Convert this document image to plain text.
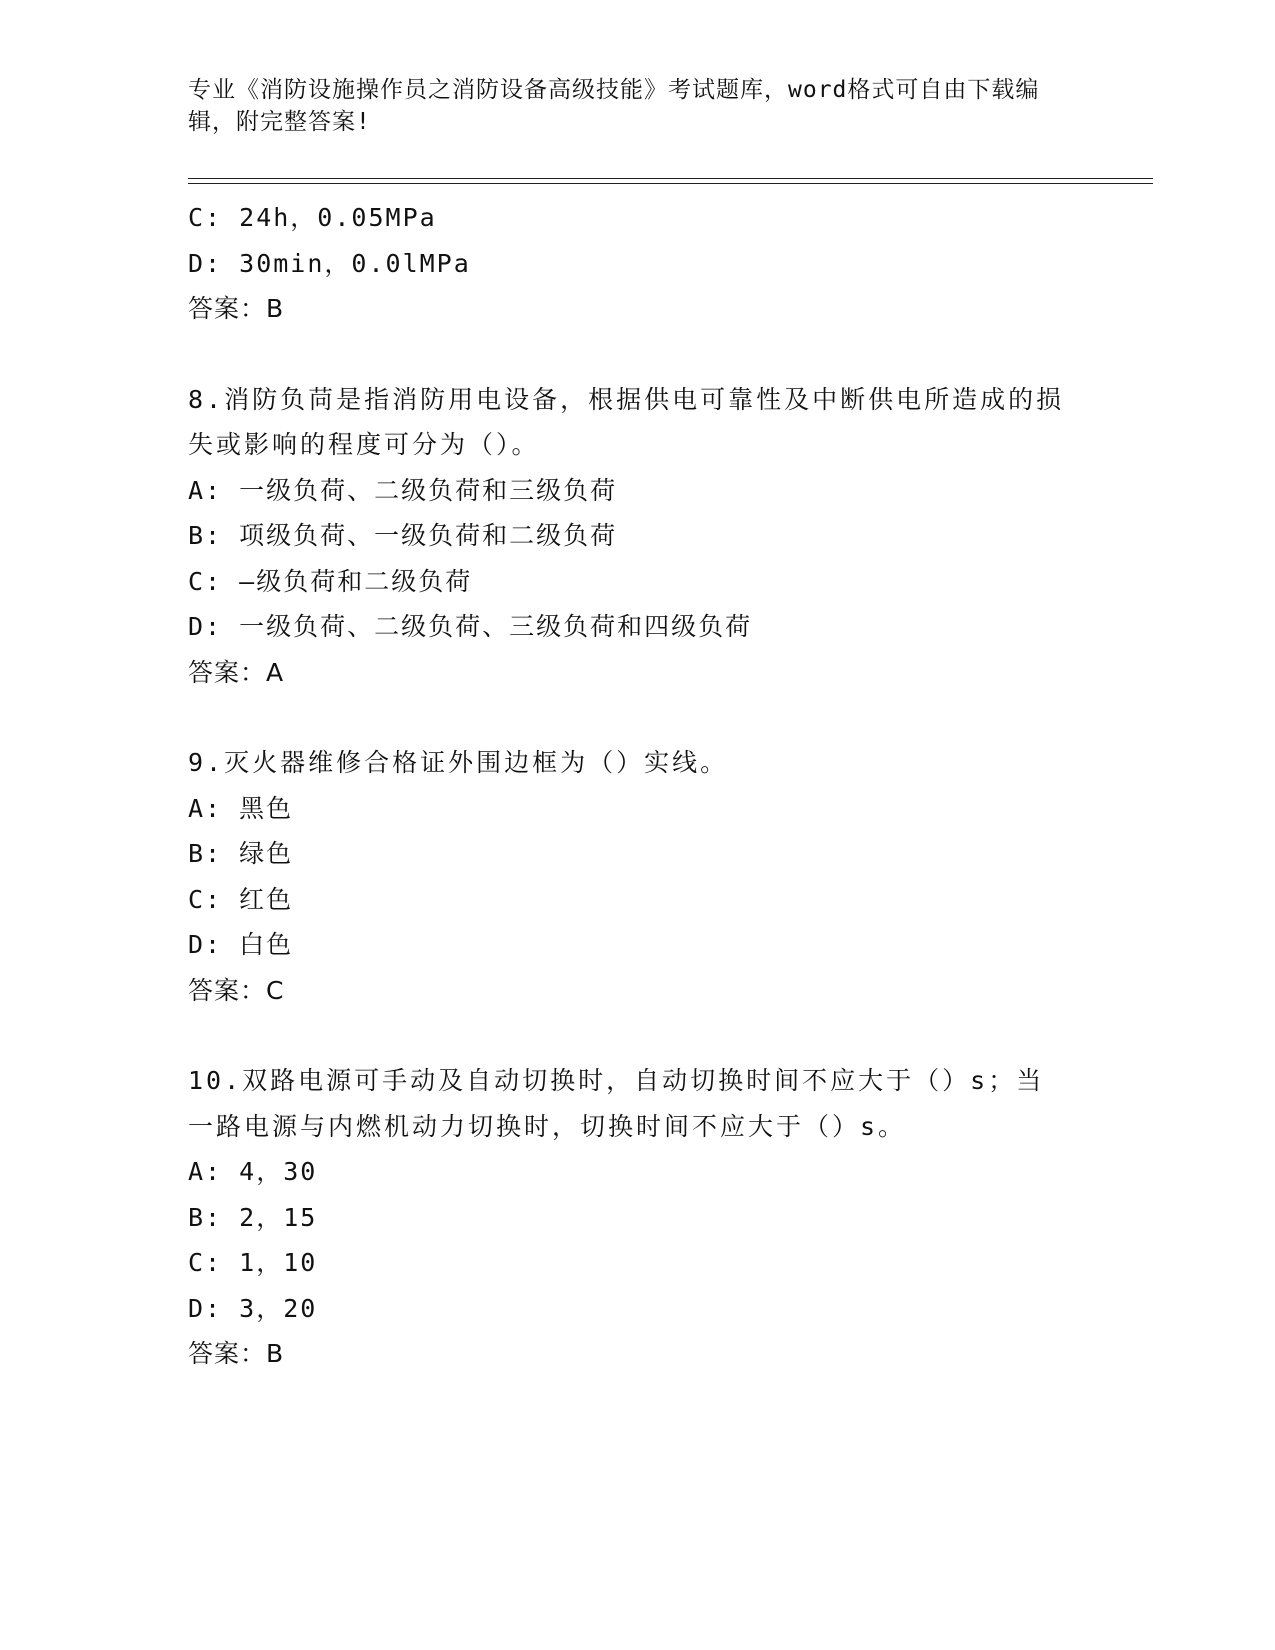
专业《消防设施操作员之消防设备高级技能》考试题库，word格式可自由下载编辑，附完整答案!
C: 24h，0.05MPa
D: 30min，0.0lMPa
答案：B
8.消防负苘是指消防用电设备，根据供电可靠性及中断供电所造成的损失或影响的程度可分为（）。
A: 一级负荷、二级负荷和三级负荷
B: 项级负荷、一级负荷和二级负荷
C: —级负荷和二级负荷
D: 一级负荷、二级负荷、三级负荷和四级负荷
答案：A
9.灭火器维修合格证外围边框为（）实线。
A: 黑色
B: 绿色
C: 红色
D: 白色
答案：C
10.双路电源可手动及自动切换时，自动切换时间不应大于（）s；当一路电源与内燃机动力切换时，切换时间不应大于（）s。
A: 4，30
B: 2，15
C: 1，10
D: 3，20
答案：B
